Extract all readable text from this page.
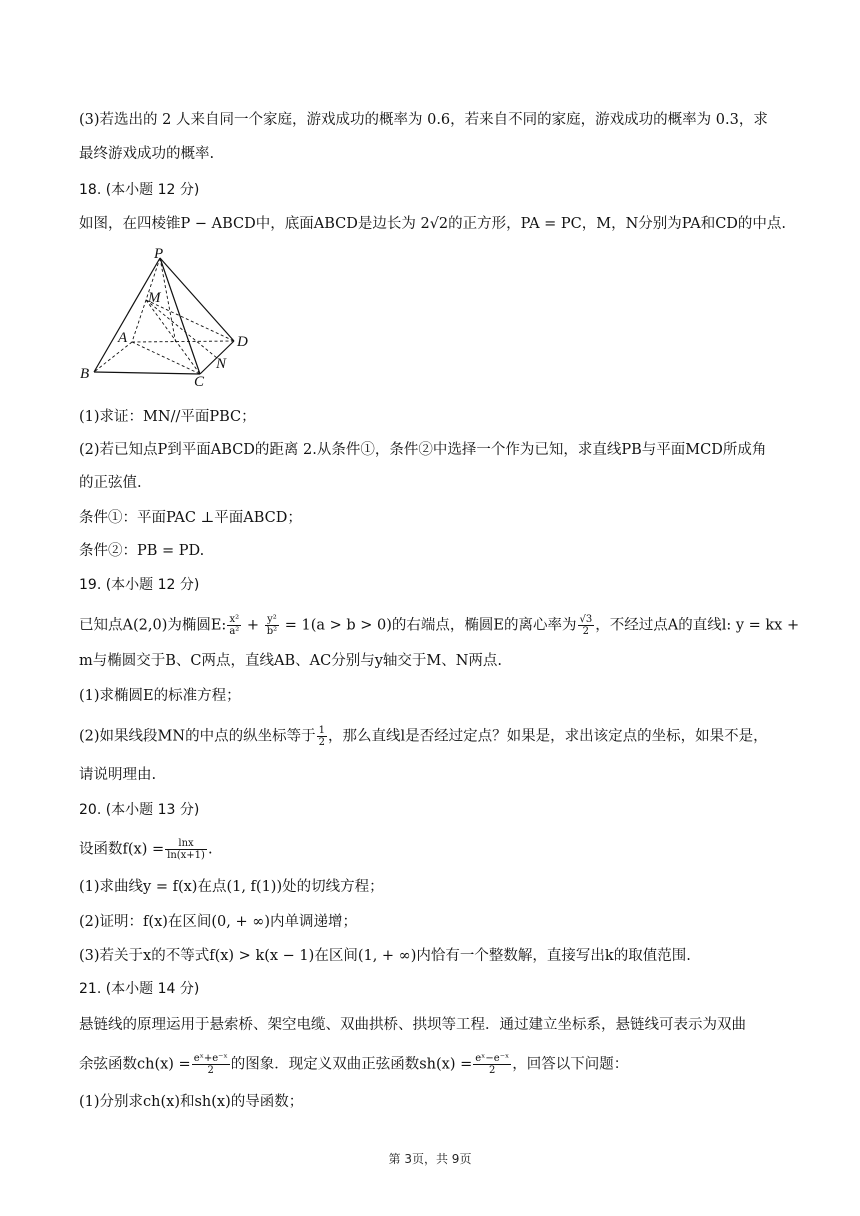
(3)若选出的 2 人来自同一个家庭，游戏成功的概率为 0.6，若来自不同的家庭，游戏成功的概率为 0.3，求
最终游戏成功的概率.
18. (本小题 12 分)
如图，在四棱锥P − ABCD中，底面ABCD是边长为 2√2的正方形，PA = PC，M，N分别为PA和CD的中点.
P
M
A	D
B	C
N
(1)求证：MN//平面PBC；
(2)若已知点P到平面ABCD的距离 2.从条件①，条件②中选择一个作为已知，求直线PB与平面MCD所成角
的正弦值.
条件①：平面PAC ⊥平面ABCD；
条件②：PB = PD.
19. (本小题 12 分)
已知点A(2,0)为椭圆E: $\frac{\text{x²}}{\text{a²}} + \frac{\text{y²}}{\text{b²}} = 1(a > b > 0)$的右端点，椭圆E的离心率为 $\frac{√3}{2}$ ，不经过点A的直线l: y = kx +
m与椭圆交于B、C两点，直线AB、AC分别与y轴交于M、N两点.
(1)求椭圆E的标准方程；
(2)如果线段MN的中点的纵坐标等于 $\frac{1}{2}$ ，那么直线l是否经过定点？如果是，求出该定点的坐标，如果不是，
请说明理由.
20. (本小题 13 分)
设函数$f(x) = \frac{\ln x}{\ln(x+1)}$ .
(1)求曲线y = f(x)在点(1, f(1))处的切线方程；
(2)证明：f(x)在区间(0, + ∞)内单调递增；
(3)若关于x的不等式f(x) > k(x − 1)在区间(1, + ∞)内恰有一个整数解，直接写出k的取值范围.
21. (本小题 14 分)
悬链线的原理运用于悬索桥、架空电缆、双曲拱桥、拱坝等工程．通过建立坐标系，悬链线可表示为双曲
余弦函数$ch(x) = \frac{\text{eˣ+e⁻ˣ}}{2}$ 的图象．现定义双曲正弦函数$sh(x) = \frac{\text{eˣ−e⁻ˣ}}{2}$ ，回答以下问题：
(1)分别求ch(x)和sh(x)的导函数；
第 3页，共 9页
